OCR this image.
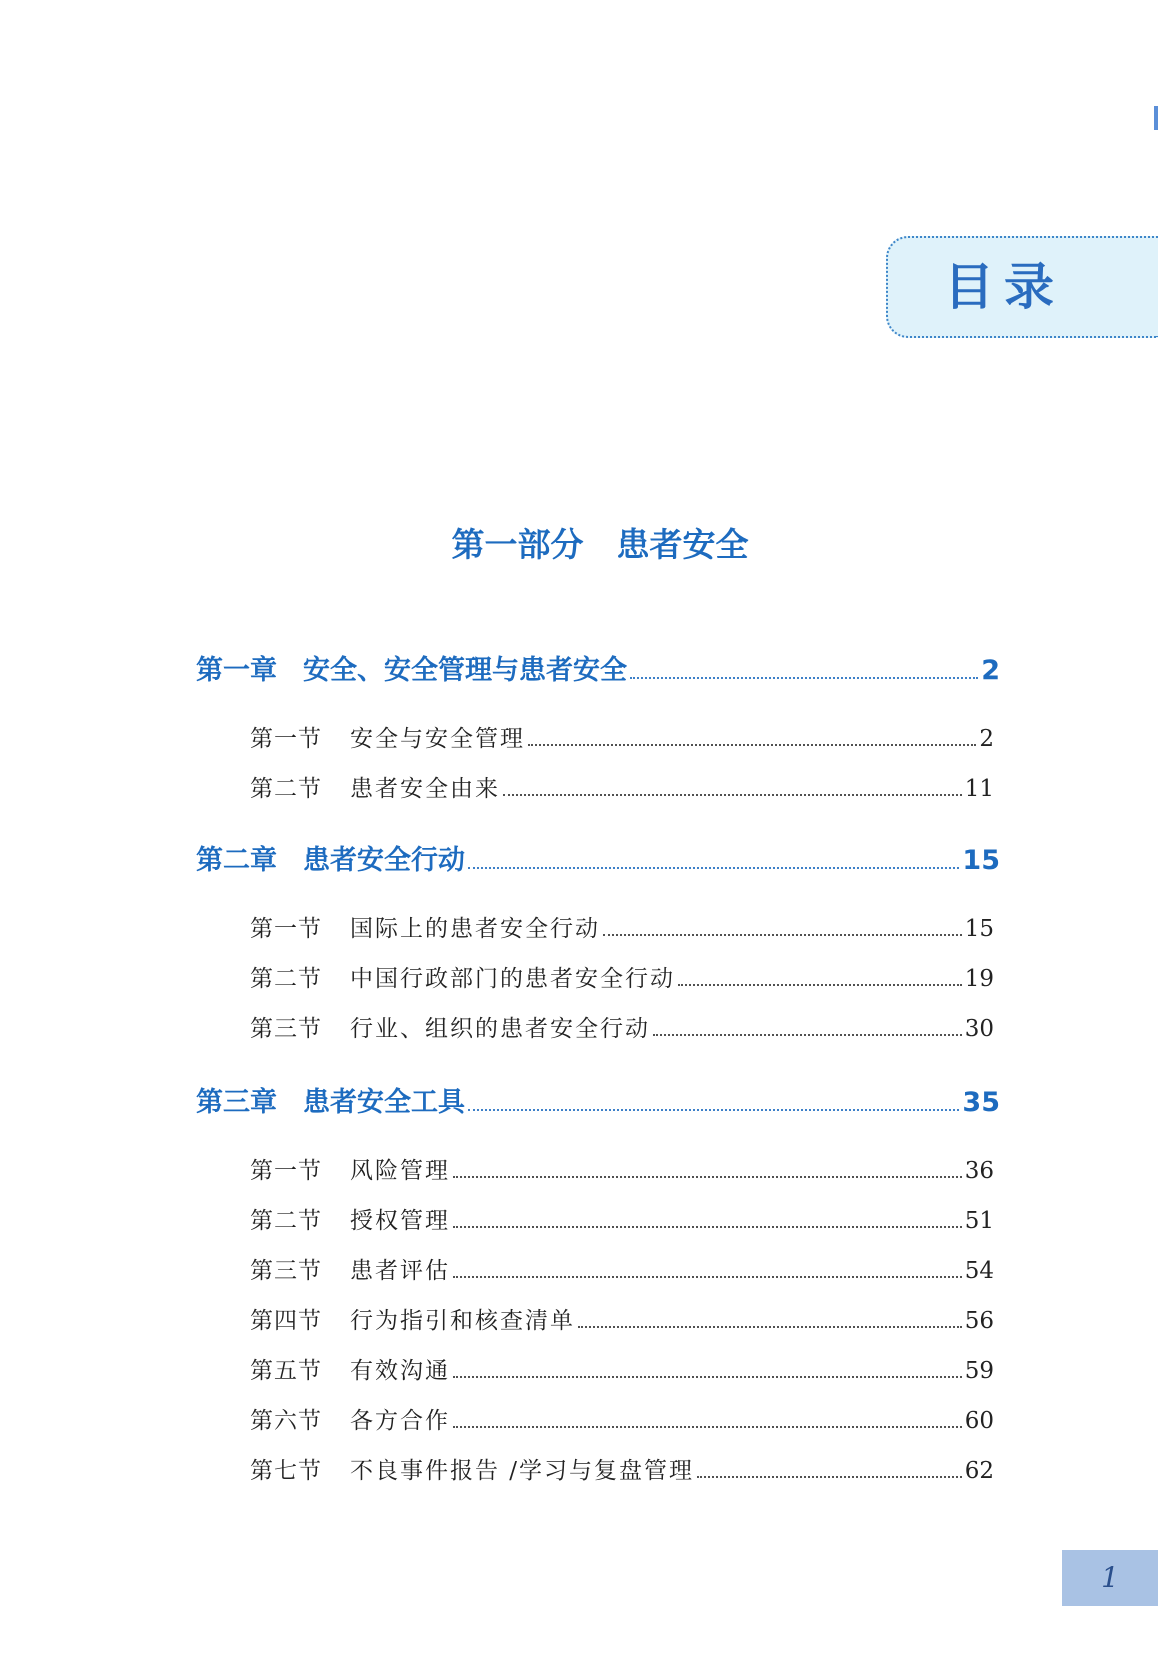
目录
第一部分　患者安全
第一章 安全、安全管理与患者安全	2
第一节 安全与安全管理	2
第二节 患者安全由来	11
第二章 患者安全行动	15
第一节 国际上的患者安全行动	15
第二节 中国行政部门的患者安全行动	19
第三节 行业、组织的患者安全行动	30
第三章 患者安全工具	35
第一节 风险管理	36
第二节 授权管理	51
第三节 患者评估	54
第四节 行为指引和核查清单	56
第五节 有效沟通	59
第六节 各方合作	60
第七节 不良事件报告 /学习与复盘管理	62
1
